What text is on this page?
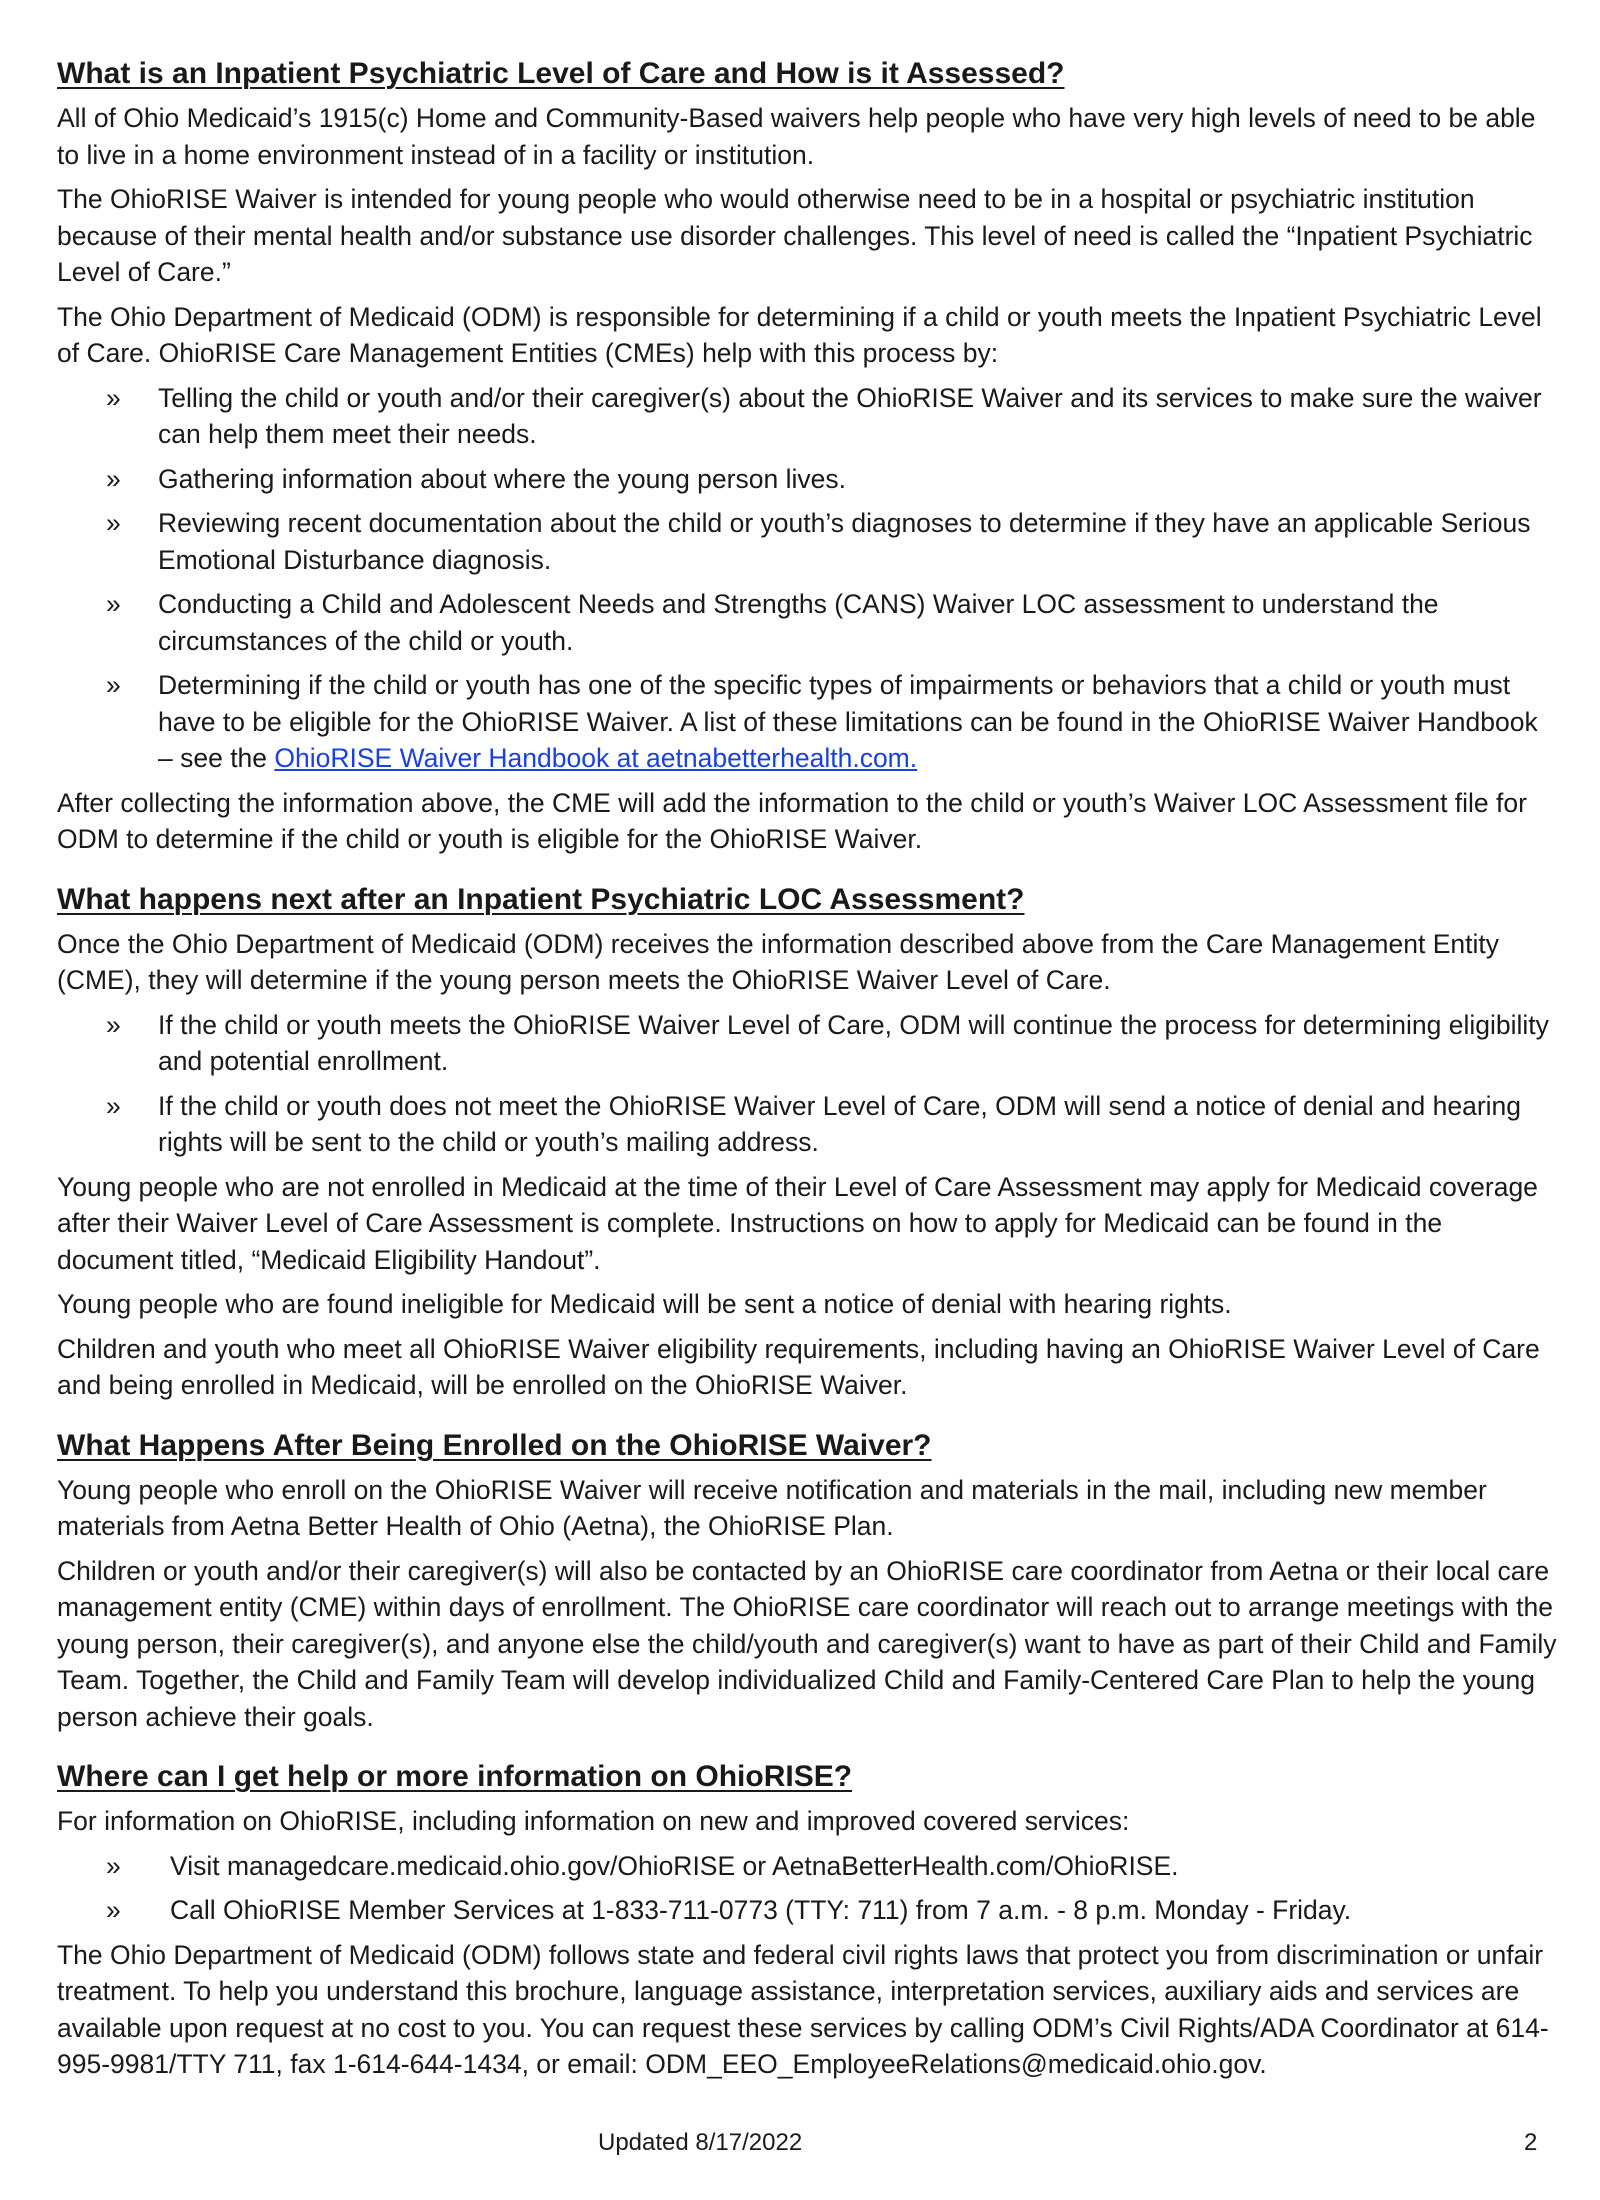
What is an Inpatient Psychiatric Level of Care and How is it Assessed?

All of Ohio Medicaid’s 1915(c) Home and Community-Based waivers help people who have very high levels of need to be able to live in a home environment instead of in a facility or institution.

The OhioRISE Waiver is intended for young people who would otherwise need to be in a hospital or psychiatric institution because of their mental health and/or substance use disorder challenges. This level of need is called the “Inpatient Psychiatric Level of Care.”

The Ohio Department of Medicaid (ODM) is responsible for determining if a child or youth meets the Inpatient Psychiatric Level of Care. OhioRISE Care Management Entities (CMEs) help with this process by:

» Telling the child or youth and/or their caregiver(s) about the OhioRISE Waiver and its services to make sure the waiver can help them meet their needs.
» Gathering information about where the young person lives.
» Reviewing recent documentation about the child or youth’s diagnoses to determine if they have an applicable Serious Emotional Disturbance diagnosis.
» Conducting a Child and Adolescent Needs and Strengths (CANS) Waiver LOC assessment to understand the circumstances of the child or youth.
» Determining if the child or youth has one of the specific types of impairments or behaviors that a child or youth must have to be eligible for the OhioRISE Waiver. A list of these limitations can be found in the OhioRISE Waiver Handbook – see the OhioRISE Waiver Handbook at aetnabetterhealth.com.

After collecting the information above, the CME will add the information to the child or youth’s Waiver LOC Assessment file for ODM to determine if the child or youth is eligible for the OhioRISE Waiver.

What happens next after an Inpatient Psychiatric LOC Assessment?

Once the Ohio Department of Medicaid (ODM) receives the information described above from the Care Management Entity (CME), they will determine if the young person meets the OhioRISE Waiver Level of Care.

» If the child or youth meets the OhioRISE Waiver Level of Care, ODM will continue the process for determining eligibility and potential enrollment.
» If the child or youth does not meet the OhioRISE Waiver Level of Care, ODM will send a notice of denial and hearing rights will be sent to the child or youth’s mailing address.

Young people who are not enrolled in Medicaid at the time of their Level of Care Assessment may apply for Medicaid coverage after their Waiver Level of Care Assessment is complete. Instructions on how to apply for Medicaid can be found in the document titled, “Medicaid Eligibility Handout”.

Young people who are found ineligible for Medicaid will be sent a notice of denial with hearing rights.

Children and youth who meet all OhioRISE Waiver eligibility requirements, including having an OhioRISE Waiver Level of Care and being enrolled in Medicaid, will be enrolled on the OhioRISE Waiver.

What Happens After Being Enrolled on the OhioRISE Waiver?

Young people who enroll on the OhioRISE Waiver will receive notification and materials in the mail, including new member materials from Aetna Better Health of Ohio (Aetna), the OhioRISE Plan.

Children or youth and/or their caregiver(s) will also be contacted by an OhioRISE care coordinator from Aetna or their local care management entity (CME) within days of enrollment. The OhioRISE care coordinator will reach out to arrange meetings with the young person, their caregiver(s), and anyone else the child/youth and caregiver(s) want to have as part of their Child and Family Team. Together, the Child and Family Team will develop individualized Child and Family-Centered Care Plan to help the young person achieve their goals.

Where can I get help or more information on OhioRISE?

For information on OhioRISE, including information on new and improved covered services:

» Visit managedcare.medicaid.ohio.gov/OhioRISE or AetnaBetterHealth.com/OhioRISE.
» Call OhioRISE Member Services at 1-833-711-0773 (TTY: 711) from 7 a.m. - 8 p.m. Monday - Friday.

The Ohio Department of Medicaid (ODM) follows state and federal civil rights laws that protect you from discrimination or unfair treatment. To help you understand this brochure, language assistance, interpretation services, auxiliary aids and services are available upon request at no cost to you. You can request these services by calling ODM’s Civil Rights/ADA Coordinator at 614-995-9981/TTY 711, fax 1-614-644-1434, or email: ODM_EEO_EmployeeRelations@medicaid.ohio.gov.

Updated 8/17/2022	2
